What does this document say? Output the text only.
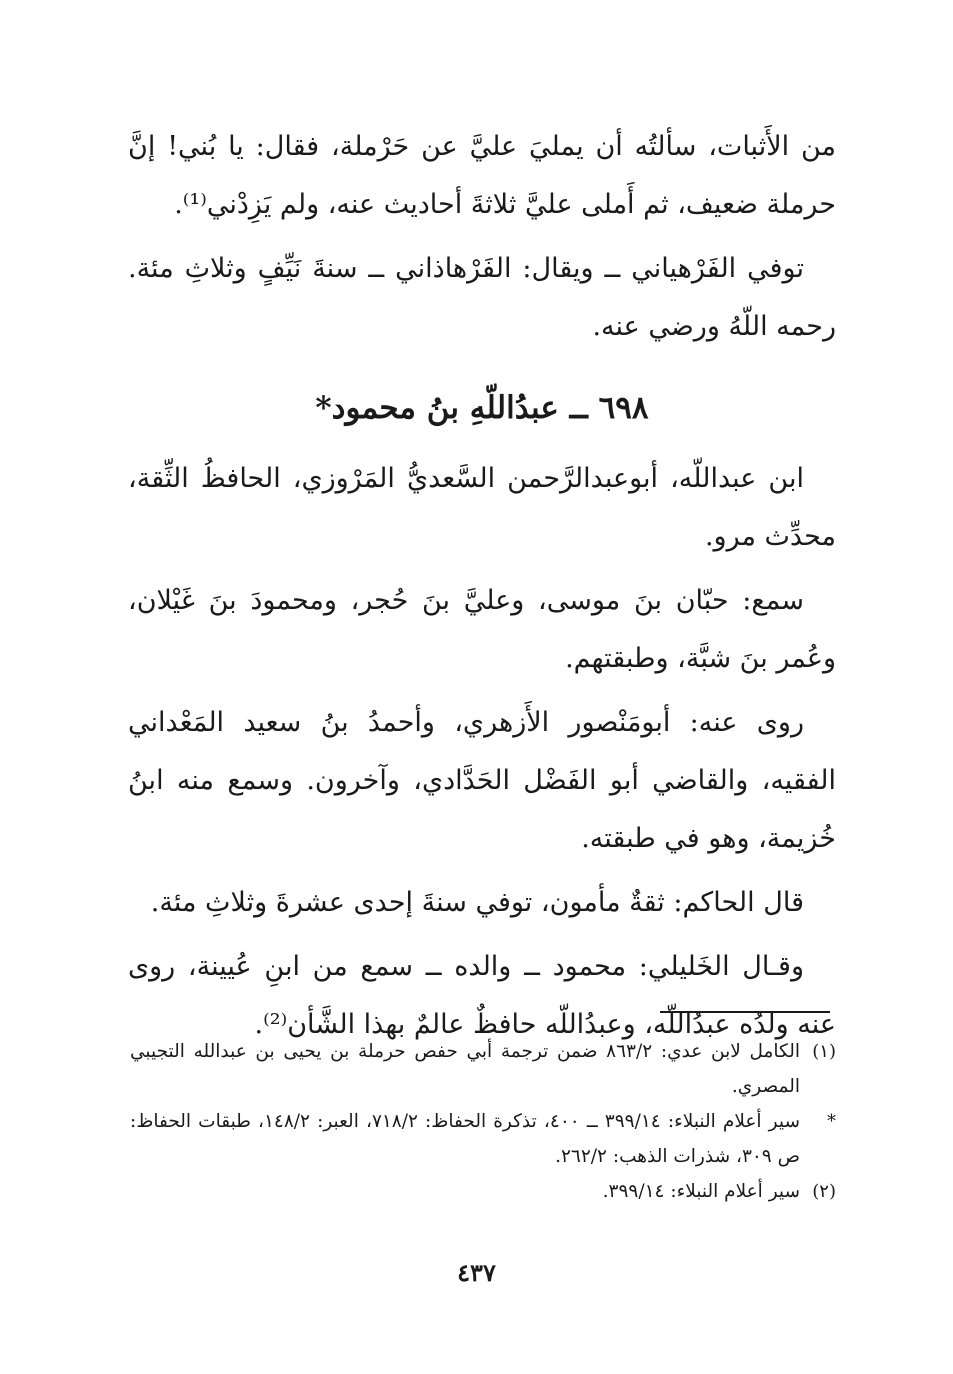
من الأَثبات، سألتُه أن يمليَ عليَّ عن حَرْملة، فقال: يا بُني! إنَّ حرملة ضعيف، ثم أَملى عليَّ ثلاثةَ أحاديث عنه، ولم يَزِدْني⁽¹⁾.

توفي الفَرْهياني ــ ويقال: الفَرْهاذاني ــ سنةَ نَيِّفٍ وثلاثِ مئة. رحمه اللّهُ ورضي عنه.

٦٩٨ ــ عبدُاللّهِ بنُ محمود*

ابن عبداللّه، أبوعبدالرَّحمن السَّعديُّ المَرْوزي، الحافظُ الثِّقة، محدِّث مرو.

سمع: حبّان بنَ موسى، وعليَّ بنَ حُجر، ومحمودَ بنَ غَيْلان، وعُمر بنَ شبَّة، وطبقتهم.

روى عنه: أبومَنْصور الأَزهري، وأحمدُ بنُ سعيد المَعْداني الفقيه، والقاضي أبو الفَضْل الحَدَّادي، وآخرون. وسمع منه ابنُ خُزيمة، وهو في طبقته.

قال الحاكم: ثقةٌ مأمون، توفي سنةَ إحدى عشرةَ وثلاثِ مئة.

وقـال الخَليلي: محمود ــ والده ــ سمع من ابنِ عُيينة، روى عنه ولدُه عبدُاللّه، وعبدُاللّه حافظٌ عالمٌ بهذا الشَّأن⁽²⁾.

(١)
الكامل لابن عدي: ٨٦٣/٢ ضمن ترجمة أبي حفص حرملة بن يحيى بن عبدالله التجيبي المصري.
*
سير أعلام النبلاء: ٣٩٩/١٤ ــ ٤٠٠، تذكرة الحفاظ: ٧١٨/٢، العبر: ١٤٨/٢، طبقات الحفاظ: ص ٣٠٩، شذرات الذهب: ٢٦٢/٢.
(٢)
سير أعلام النبلاء: ٣٩٩/١٤.
٤٣٧
